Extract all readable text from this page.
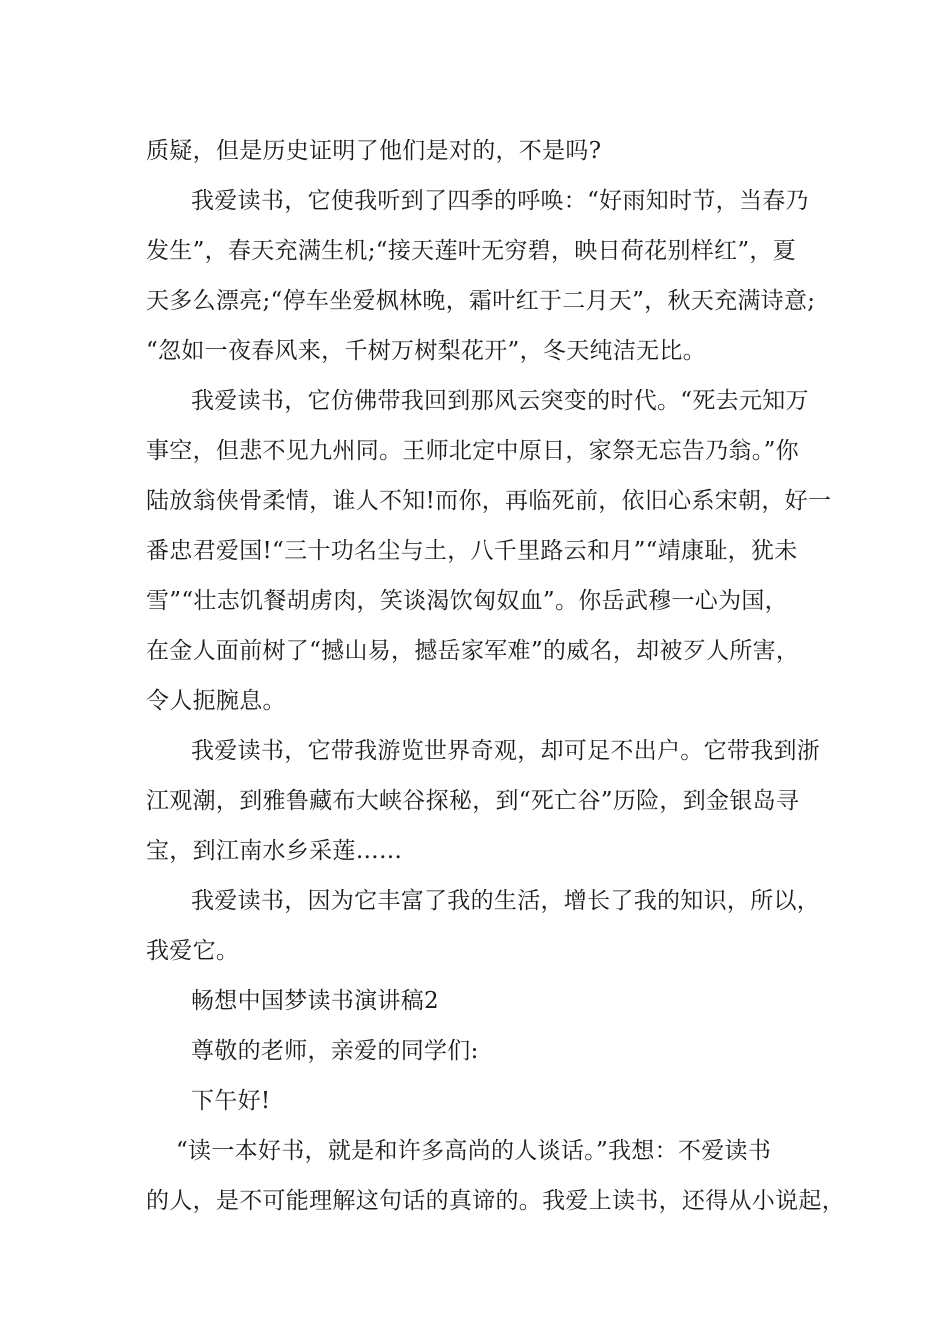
质疑，但是历史证明了他们是对的，不是吗?
我爱读书，它使我听到了四季的呼唤：“好雨知时节，当春乃
发生”，春天充满生机;“接天莲叶无穷碧，映日荷花别样红”，夏
天多么漂亮;“停车坐爱枫林晚，霜叶红于二月天”，秋天充满诗意;
“忽如一夜春风来，千树万树梨花开”，冬天纯洁无比。
我爱读书，它仿佛带我回到那风云突变的时代。“死去元知万
事空，但悲不见九州同。王师北定中原日，家祭无忘告乃翁。”你
陆放翁侠骨柔情，谁人不知!而你，再临死前，依旧心系宋朝，好一
番忠君爱国!“三十功名尘与土，八千里路云和月”“靖康耻，犹未
雪”“壮志饥餐胡虏肉，笑谈渴饮匈奴血”。你岳武穆一心为国，
在金人面前树了“撼山易，撼岳家军难”的威名，却被歹人所害，
令人扼腕息。
我爱读书，它带我游览世界奇观，却可足不出户。它带我到浙
江观潮，到雅鲁藏布大峡谷探秘，到“死亡谷”历险，到金银岛寻
宝，到江南水乡采莲……
我爱读书，因为它丰富了我的生活，增长了我的知识，所以，
我爱它。
畅想中国梦读书演讲稿2
尊敬的老师，亲爱的同学们:
下午好!
“读一本好书，就是和许多高尚的人谈话。”我想：不爱读书
的人，是不可能理解这句话的真谛的。我爱上读书，还得从小说起，
